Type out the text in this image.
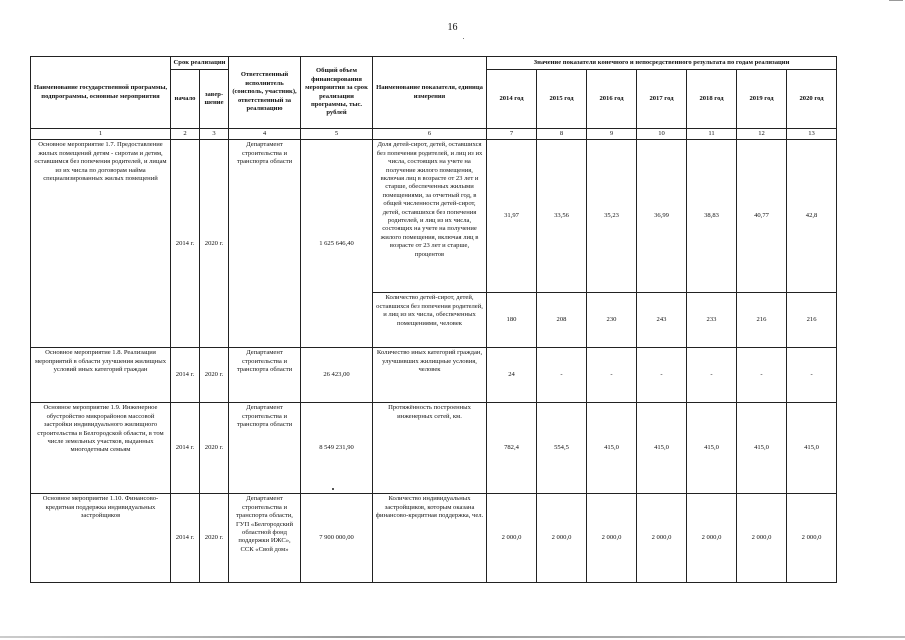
16
Наименование государственной программы, подпрограммы, основные мероприятия	Срок реализации		Ответственный исполнитель (соисполь, участник), ответственный за реализацию	Общий объем финансирования мероприятия за срок реализации программы, тыс. рублей	Наименование показателя, единица измерения	Значение показателя конечного и непосредственного результата по годам реализации						
	начало	завер-шение				2014 год	2015 год	2016 год	2017 год	2018 год	2019 год	2020 год
1	2	3	4	5	6	7	8	9	10	11	12	13
Основное мероприятие 1.7. Предоставление жилых помещений детям - сиротам и детям, оставшимся без попечения родителей, и лицам из их числа по договорам найма специализированных жилых помещений	2014 г.	2020 г.	Департамент строительства и транспорта области	1 625 646,40	Доля детей-сирот, детей, оставшихся без попечения родителей, и лиц из их числа, состоящих на учете на получение жилого помещения, включая лиц в возрасте от 23 лет и старше, обеспеченных жилыми помещениями, за отчетный год, в общей численности детей-сирот, детей, оставшихся без попечения родителей, и лиц из их числа, состоящих на учете на получение жилого помещения, включая лиц в возрасте от 23 лет и старше, процентов	31,97	33,56	35,23	36,99	38,83	40,77	42,8
					Количество детей-сирот, детей, оставшихся без попечения родителей, и лиц из их числа, обеспеченных помещениями, человек	180	208	230	243	233	216	216
Основное мероприятие 1.8. Реализация мероприятий в области улучшения жилищных условий иных категорий граждан	2014 г.	2020 г.	Департамент строительства и транспорта области	26 423,00	Количество иных категорий граждан, улучшивших жилищные условия, человек	24	-	-	-	-	-	-
Основное мероприятие 1.9. Инженерное обустройство микрорайонов массовой застройки индивидуального жилищного строительства в Белгородской области, в том числе земельных участков, выданных многодетным семьям	2014 г.	2020 г.	Департамент строительства и транспорта области	8 549 231,90	Протяжённость построенных инженерных сетей, км.	782,4	554,5	415,0	415,0	415,0	415,0	415,0
Основное мероприятие 1.10. Финансово-кредитная поддержка индивидуальных застройщиков	2014 г.	2020 г.	Департамент строительства и транспорта области, ГУП «Белгородский областной фонд поддержки ИЖС», ССК «Свой дом»	7 900 000,00	Количество индивидуальных застройщиков, которым оказана финансово-кредитная поддержка, чел.	2 000,0	2 000,0	2 000,0	2 000,0	2 000,0	2 000,0	2 000,0
